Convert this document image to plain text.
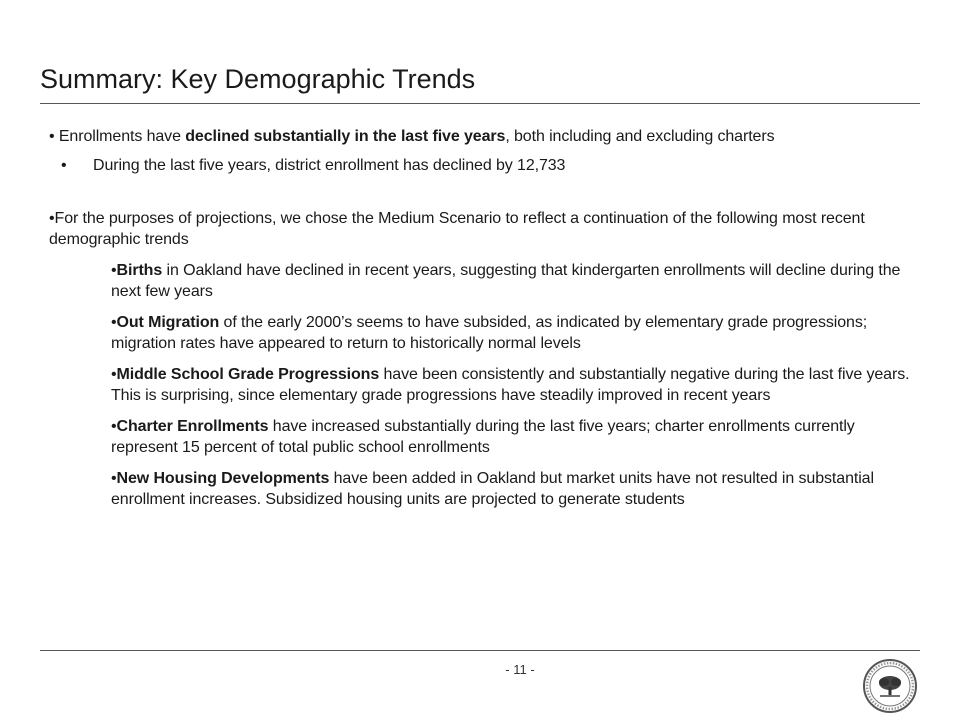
Summary: Key Demographic Trends

• Enrollments have declined substantially in the last five years, both including and excluding charters

• During the last five years, district enrollment has declined by 12,733

•For the purposes of projections, we chose the Medium Scenario to reflect a continuation of the following most recent demographic trends

•Births in Oakland have declined in recent years, suggesting that kindergarten enrollments will decline during the next few years

•Out Migration of the early 2000’s seems to have subsided, as indicated by elementary grade progressions; migration rates have appeared to return to historically normal levels

•Middle School Grade Progressions have been consistently and substantially negative during the last five years. This is surprising, since elementary grade progressions have steadily improved in recent years

•Charter Enrollments have increased substantially during the last five years; charter enrollments currently represent 15 percent of total public school enrollments

•New Housing Developments have been added in Oakland but market units have not resulted in substantial enrollment increases. Subsidized housing units are projected to generate students

- 11 -
